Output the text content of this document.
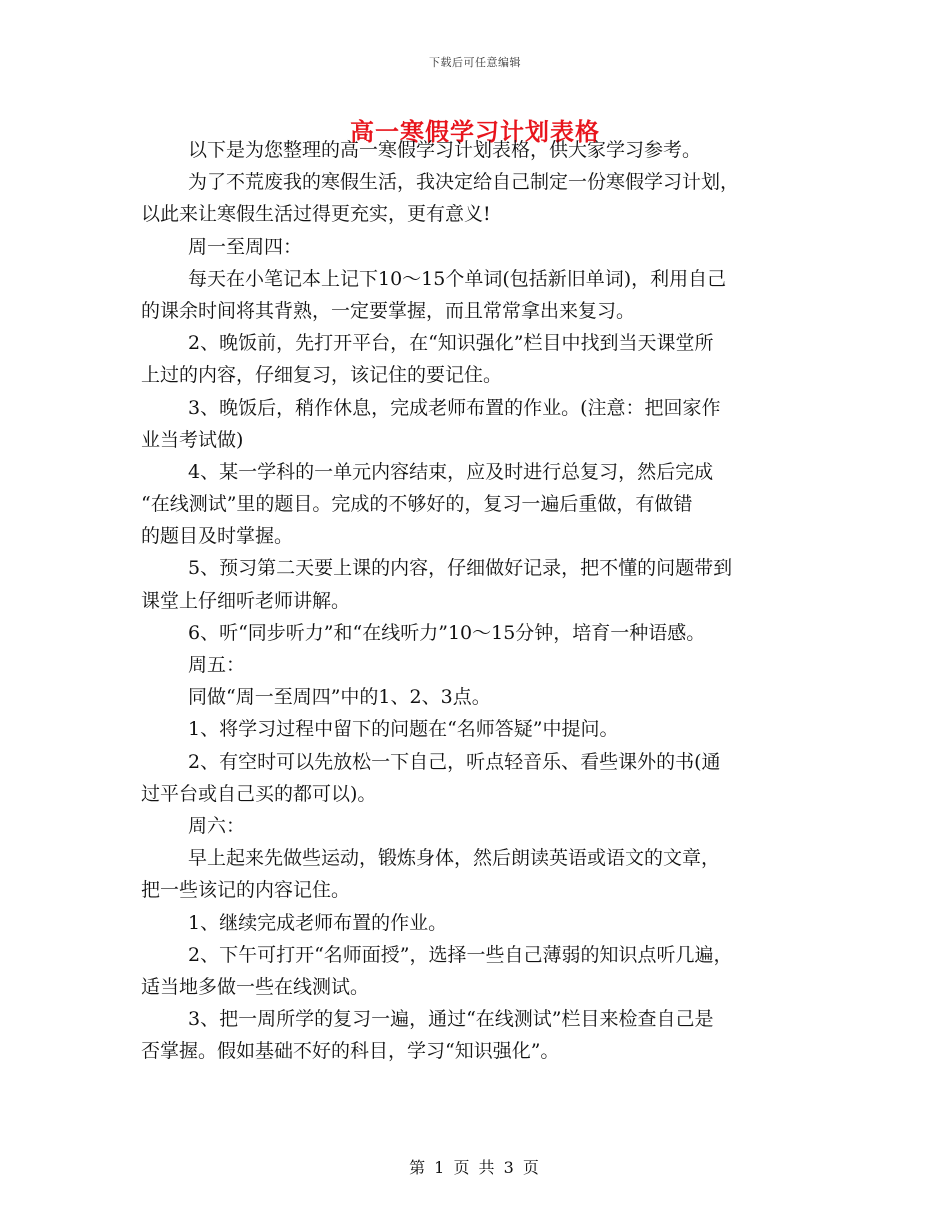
下载后可任意编辑
高一寒假学习计划表格
以下是为您整理的高一寒假学习计划表格，供大家学习参考。
为了不荒废我的寒假生活，我决定给自己制定一份寒假学习计划，
以此来让寒假生活过得更充实，更有意义!
周一至周四：
每天在小笔记本上记下10～15个单词(包括新旧单词)，利用自己
的课余时间将其背熟，一定要掌握，而且常常拿出来复习。
2、晚饭前，先打开平台，在“知识强化”栏目中找到当天课堂所
上过的内容，仔细复习，该记住的要记住。
3、晚饭后，稍作休息，完成老师布置的作业。(注意：把回家作
业当考试做)
4、某一学科的一单元内容结束，应及时进行总复习，然后完成
“在线测试”里的题目。完成的不够好的，复习一遍后重做，有做错
的题目及时掌握。
5、预习第二天要上课的内容，仔细做好记录，把不懂的问题带到
课堂上仔细听老师讲解。
6、听“同步听力”和“在线听力”10～15分钟，培育一种语感。
周五：
同做“周一至周四”中的1、2、3点。
1、将学习过程中留下的问题在“名师答疑”中提问。
2、有空时可以先放松一下自己，听点轻音乐、看些课外的书(通
过平台或自己买的都可以)。
周六：
早上起来先做些运动，锻炼身体，然后朗读英语或语文的文章，
把一些该记的内容记住。
1、继续完成老师布置的作业。
2、下午可打开“名师面授”，选择一些自己薄弱的知识点听几遍，
适当地多做一些在线测试。
3、把一周所学的复习一遍，通过“在线测试”栏目来检查自己是
否掌握。假如基础不好的科目，学习“知识强化”。
第 1 页 共 3 页
